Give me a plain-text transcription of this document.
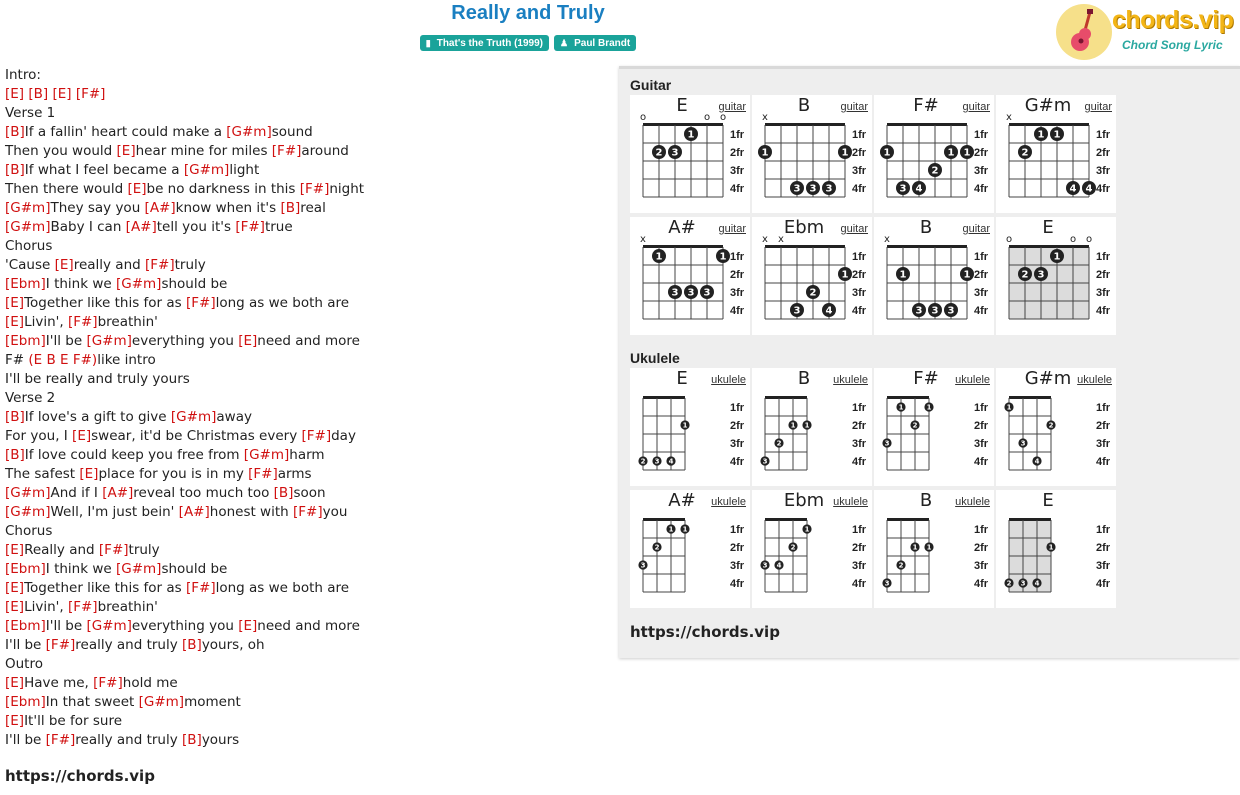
Really and Truly
▮ That's the Truth (1999) ♟ Paul Brandt
chords.vip
Chord Song Lyric
Intro:
[E] [B] [E] [F#]
Verse 1
[B]If a fallin' heart could make a [G#m]sound
Then you would [E]hear mine for miles [F#]around
[B]If what I feel became a [G#m]light
Then there would [E]be no darkness in this [F#]night
[G#m]They say you [A#]know when it's [B]real
[G#m]Baby I can [A#]tell you it's [F#]true
Chorus
'Cause [E]really and [F#]truly
[Ebm]I think we [G#m]should be
[E]Together like this for as [F#]long as we both are
[E]Livin', [F#]breathin'
[Ebm]I'll be [G#m]everything you [E]need and more
F# (E B E F#)like intro
I'll be really and truly yours
Verse 2
[B]If love's a gift to give [G#m]away
For you, I [E]swear, it'd be Christmas every [F#]day
[B]If love could keep you free from [G#m]harm
The safest [E]place for you is in my [F#]arms
[G#m]And if I [A#]reveal too much too [B]soon
[G#m]Well, I'm just bein' [A#]honest with [F#]you
Chorus
[E]Really and [F#]truly
[Ebm]I think we [G#m]should be
[E]Together like this for as [F#]long as we both are
[E]Livin', [F#]breathin'
[Ebm]I'll be [G#m]everything you [E]need and more
I'll be [F#]really and truly [B]yours, oh
Outro
[E]Have me, [F#]hold me
[Ebm]In that sweet [G#m]moment
[E]It'll be for sure
I'll be [F#]really and truly [B]yours
https://chords.vip
Guitar
E	guitar
1fr
2fr
3fr
4fr
o	o o
1
2 3
B	guitar
1fr
2fr
3fr
4fr
x
1	1
3 3 3
F#	guitar
1fr
2fr
3fr
4fr
1	1 1
2
3 4
G#m	guitar
1fr
2fr
3fr
4fr
x
1 1
2
4 4
A#	guitar
1fr
2fr
3fr
4fr
x
1	1
3 3 3
Ebm	guitar
1fr
2fr
3fr
4fr
x x
1
2
3	4
B	guitar
1fr
2fr
3fr
4fr
x
1	1
3 3 3
E
1fr
2fr
3fr
4fr
o	o o
1
2 3
Ukulele
E	ukulele
1fr
2fr
3fr
4fr
1
2 3 4
B	ukulele
1fr
2fr
3fr
4fr
1 1
2
3
F#	ukulele
1fr
2fr
3fr
4fr
1	1
2
3
G#m ukulele
1fr
2fr
3fr
4fr
1
2
3
4
A#	ukulele
1fr
2fr
3fr
4fr
1 1
2
3
Ebm ukulele
1fr
2fr
3fr
4fr
1
2
3 4
B	ukulele
1fr
2fr
3fr
4fr
1 1
2
3
E
1fr
2fr
3fr
4fr
1
2 3 4
https://chords.vip
